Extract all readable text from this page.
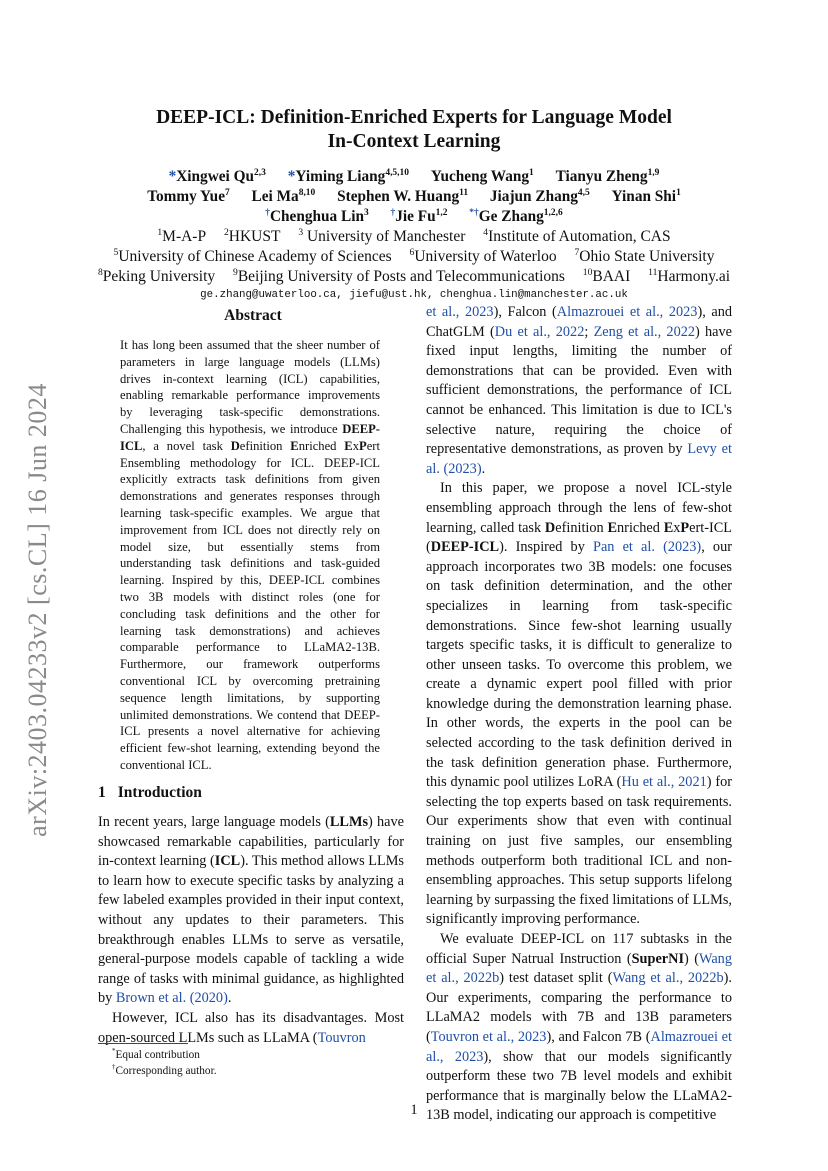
arXiv:2403.04233v2 [cs.CL] 16 Jun 2024
DEEP-ICL: Definition-Enriched Experts for Language Model
In-Context Learning
*Xingwei Qu$^{2,3}$ *Yiming Liang$^{4,5,10}$ Yucheng Wang$^1$ Tianyu Zheng$^{1,9}$
Tommy Yue$^7$ Lei Ma$^{8,10}$ Stephen W. Huang$^{11}$ Jiajun Zhang$^{4,5}$ Yinan Shi$^1$
†Chenghua Lin$^3$ †Jie Fu$^{1,2}$ *†Ge Zhang$^{1,2,6}$
$^1$M-A-P $^2$HKUST $^3$ University of Manchester $^4$Institute of Automation, CAS
$^5$University of Chinese Academy of Sciences $^6$University of Waterloo $^7$Ohio State University
$^8$Peking University $^9$Beijing University of Posts and Telecommunications $^{10}$BAAI $^{11}$Harmony.ai
ge.zhang@uwaterloo.ca, jiefu@ust.hk, chenghua.lin@manchester.ac.uk
Abstract
It has long been assumed that the sheer number of parameters in large language models (LLMs) drives in-context learning (ICL) capabilities, enabling remarkable performance improvements by leveraging task-specific demonstrations. Challenging this hypothesis, we introduce DEEP-ICL, a novel task Definition Enriched ExPert Ensembling methodology for ICL. DEEP-ICL explicitly extracts task definitions from given demonstrations and generates responses through learning task-specific examples. We argue that improvement from ICL does not directly rely on model size, but essentially stems from understanding task definitions and task-guided learning. Inspired by this, DEEP-ICL combines two 3B models with distinct roles (one for concluding task definitions and the other for learning task demonstrations) and achieves comparable performance to LLaMA2-13B. Furthermore, our framework outperforms conventional ICL by overcoming pretraining sequence length limitations, by supporting unlimited demonstrations. We contend that DEEP-ICL presents a novel alternative for achieving efficient few-shot learning, extending beyond the conventional ICL.
1 Introduction

In recent years, large language models (LLMs) have showcased remarkable capabilities, particularly for in-context learning (ICL). This method allows LLMs to learn how to execute specific tasks by analyzing a few labeled examples provided in their input context, without any updates to their parameters. This breakthrough enables LLMs to serve as versatile, general-purpose models capable of tackling a wide range of tasks with minimal guidance, as highlighted by Brown et al. (2020).

However, ICL also has its disadvantages. Most open-sourced LLMs such as LLaMA (Touvron

*Equal contribution
†Corresponding author.

et al., 2023), Falcon (Almazrouei et al., 2023), and ChatGLM (Du et al., 2022; Zeng et al., 2022) have fixed input lengths, limiting the number of demonstrations that can be provided. Even with sufficient demonstrations, the performance of ICL cannot be enhanced. This limitation is due to ICL's selective nature, requiring the choice of representative demonstrations, as proven by Levy et al. (2023).

In this paper, we propose a novel ICL-style ensembling approach through the lens of few-shot learning, called task Definition Enriched ExPert-ICL (DEEP-ICL). Inspired by Pan et al. (2023), our approach incorporates two 3B models: one focuses on task definition determination, and the other specializes in learning from task-specific demonstrations. Since few-shot learning usually targets specific tasks, it is difficult to generalize to other unseen tasks. To overcome this problem, we create a dynamic expert pool filled with prior knowledge during the demonstration learning phase. In other words, the experts in the pool can be selected according to the task definition derived in the task definition generation phase. Furthermore, this dynamic pool utilizes LoRA (Hu et al., 2021) for selecting the top experts based on task requirements. Our experiments show that even with continual training on just five samples, our ensembling methods outperform both traditional ICL and non-ensembling approaches. This setup supports lifelong learning by surpassing the fixed limitations of LLMs, significantly improving performance.

We evaluate DEEP-ICL on 117 subtasks in the official Super Natrual Instruction (SuperNI) (Wang et al., 2022b) test dataset split (Wang et al., 2022b). Our experiments, comparing the performance to LLaMA2 models with 7B and 13B parameters (Touvron et al., 2023), and Falcon 7B (Almazrouei et al., 2023), show that our models significantly outperform these two 7B level models and exhibit performance that is marginally below the LLaMA2-13B model, indicating our approach is competitive

1
